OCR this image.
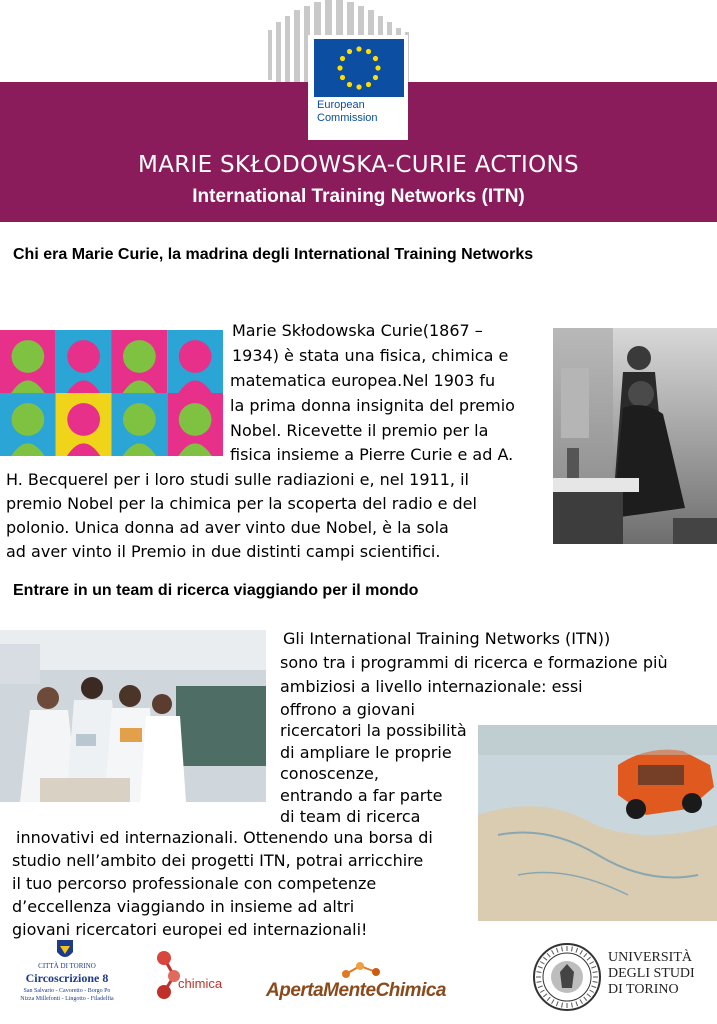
European
Commission
MARIE SKŁODOWSKA-CURIE ACTIONS
International Training Networks (ITN)
Chi era Marie Curie, la madrina degli International Training Networks
Marie Skłodowska Curie(1867 –
1934) è stata una fisica, chimica e
matematica europea.Nel 1903 fu
la prima donna insignita del premio
Nobel. Ricevette il premio per la
fisica insieme a Pierre Curie e ad A.
H. Becquerel per i loro studi sulle radiazioni e, nel 1911, il
premio Nobel per la chimica per la scoperta del radio e del
polonio. Unica donna ad aver vinto due Nobel, è la sola
ad aver vinto il Premio in due distinti campi scientifici.
Entrare in un team di ricerca viaggiando per il mondo
Gli International Training Networks (ITN))
sono tra i programmi di ricerca e formazione più
ambiziosi a livello internazionale: essi
offrono a giovani
ricercatori la possibilità
di ampliare le proprie
conoscenze,
entrando a far parte
di team di ricerca
innovativi ed internazionali. Ottenendo una borsa di
studio nell’ambito dei progetti ITN, potrai arricchire
il tuo percorso professionale con competenze
d’eccellenza viaggiando in insieme ad altri
giovani ricercatori europei ed internazionali!
CITTÀ DI TORINO
Circoscrizione 8
San Salvario - Cavoretto - Borgo Po
Nizza Millefonti - Lingotto - Filadelfia
chimica ApertaMenteChimica
UNIVERSITÀ
DEGLI STUDI
DI TORINO
